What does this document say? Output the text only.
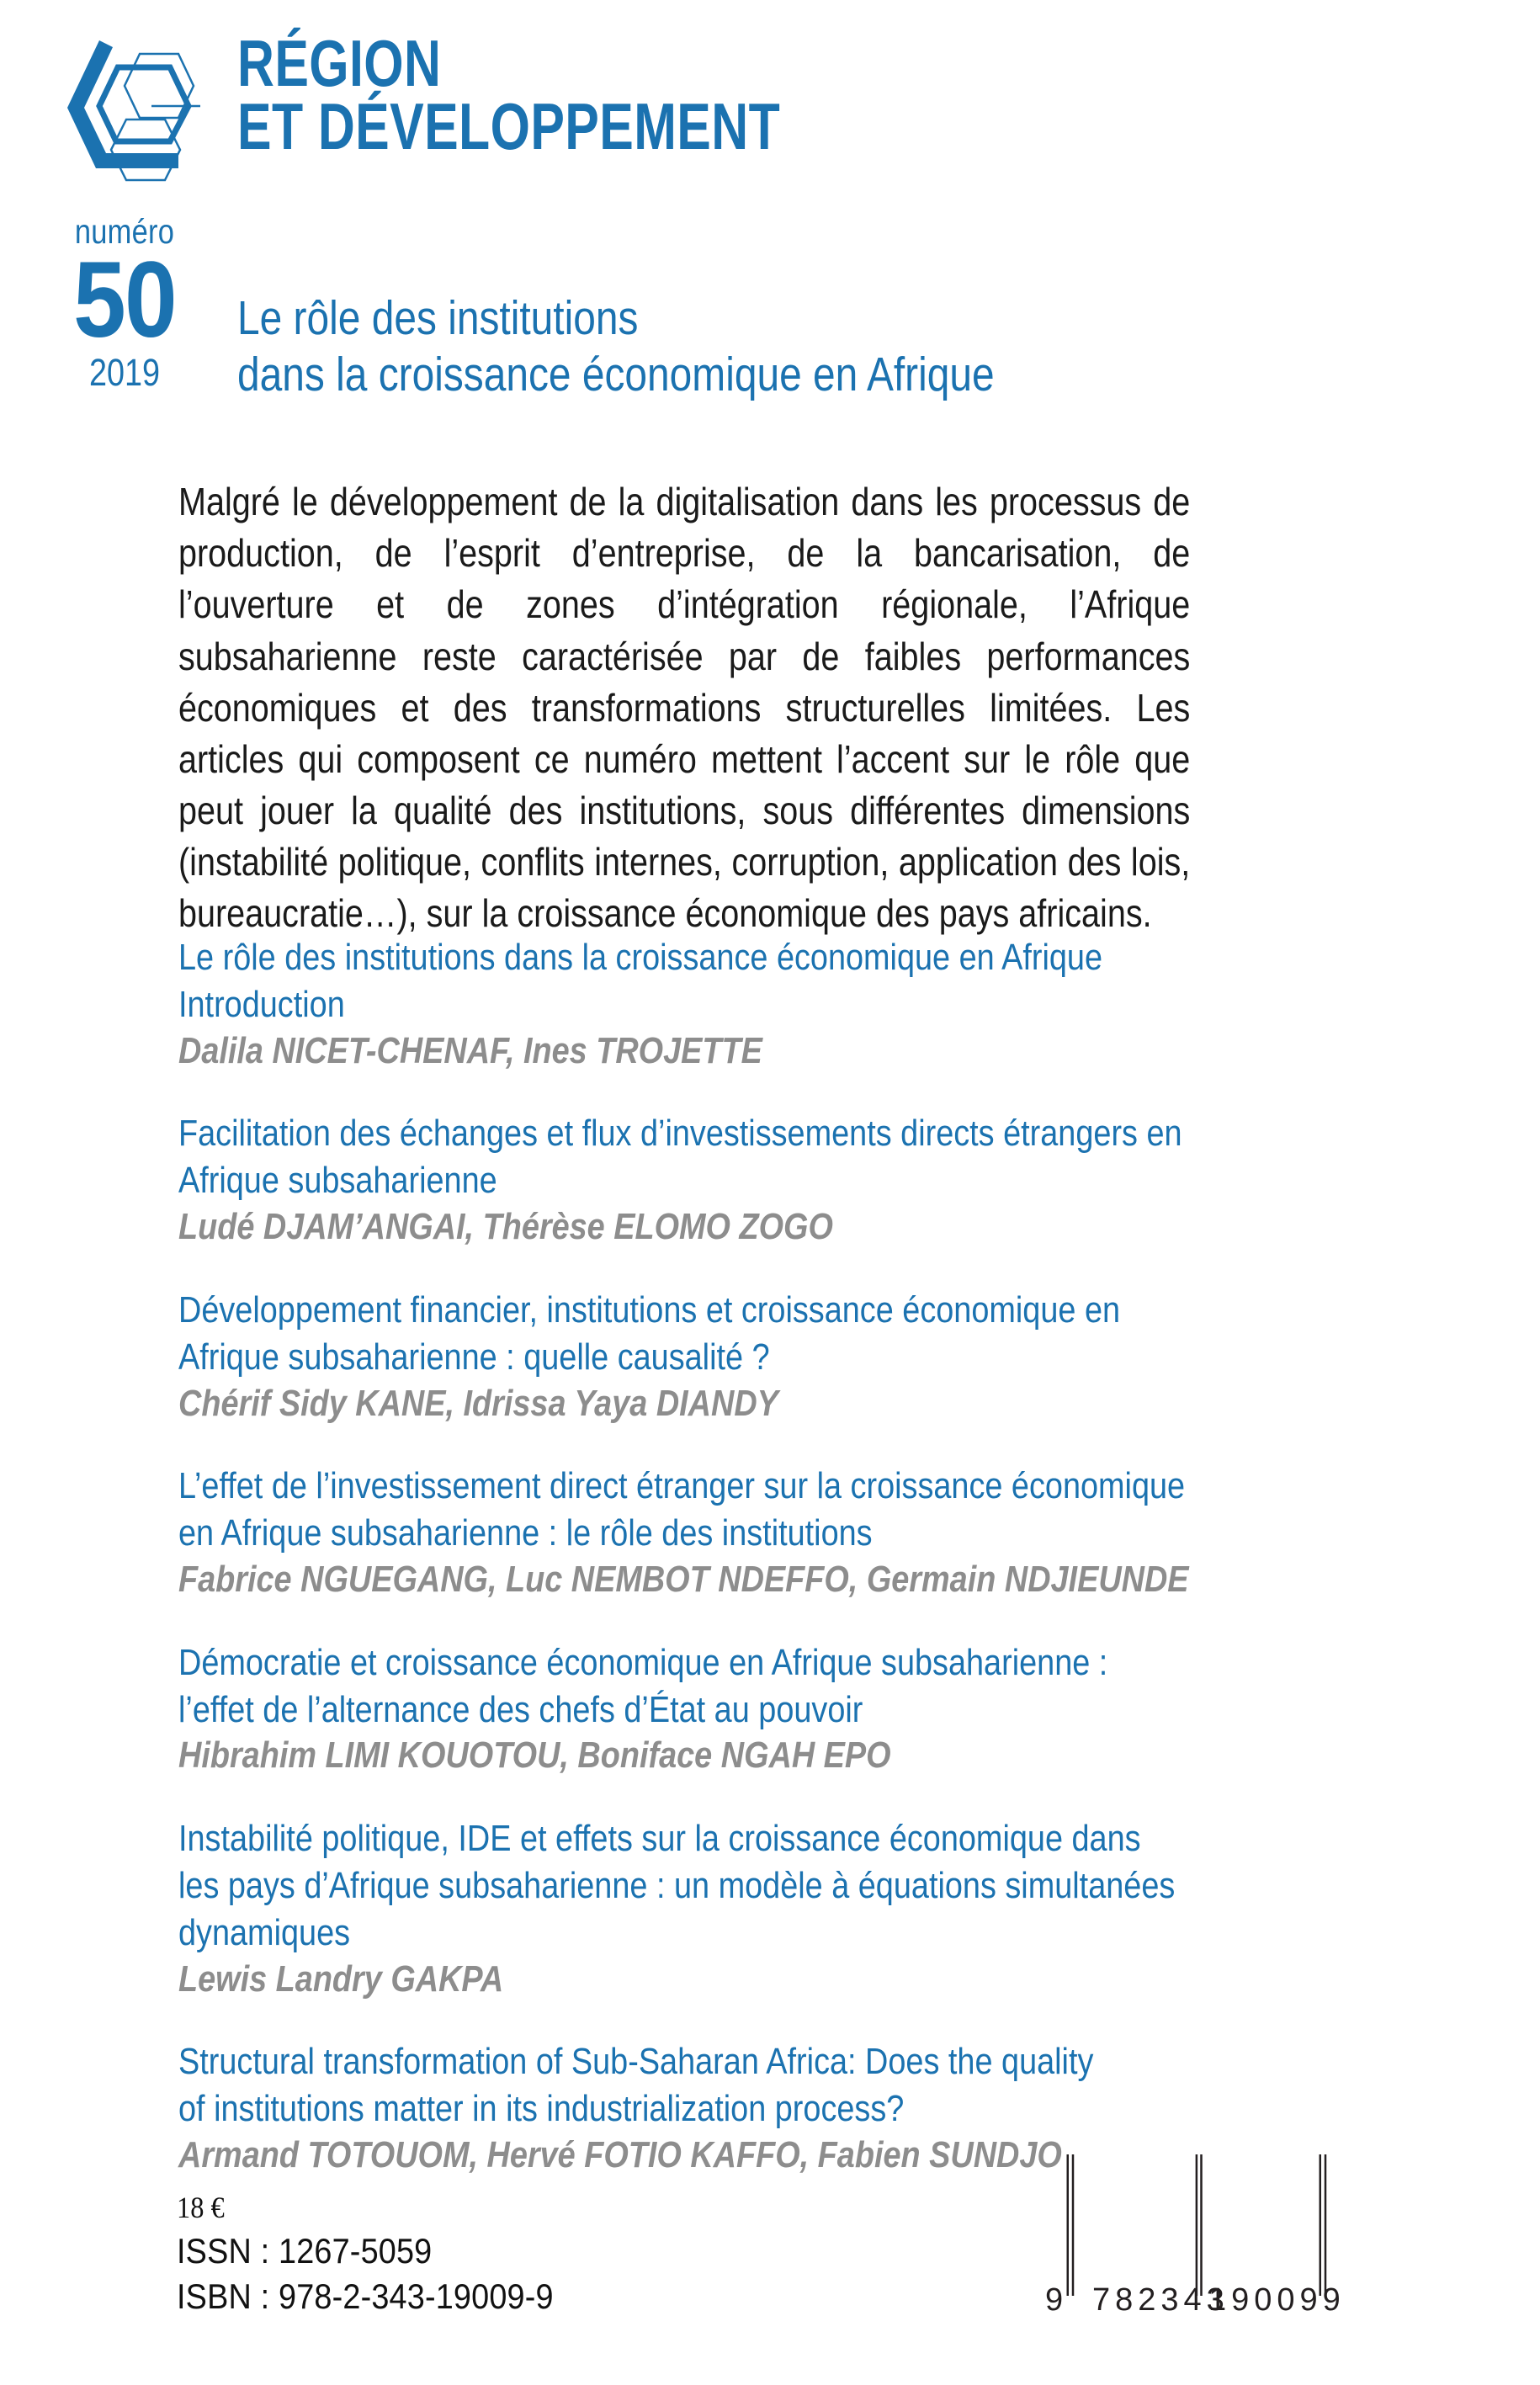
RÉGION
ET DÉVELOPPEMENT
numéro
50
2019
Le rôle des institutions
dans la croissance économique en Afrique

Malgré le développement de la digitalisation dans les processus de production, de l’esprit d’entreprise, de la bancarisation, de l’ouverture et de zones d’intégration régionale, l’Afrique subsaharienne reste caractérisée par de faibles performances économiques et des transformations structurelles limitées. Les articles qui composent ce numéro mettent l’accent sur le rôle que peut jouer la qualité des institutions, sous différentes dimensions (instabilité politique, conflits internes, corruption, application des lois, bureaucratie…), sur la croissance économique des pays africains.

Le rôle des institutions dans la croissance économique en Afrique

Introduction

Dalila NICET-CHENAF, Ines TROJETTE

Facilitation des échanges et flux d’investissements directs étrangers en

Afrique subsaharienne

Ludé DJAM’ANGAI, Thérèse ELOMO ZOGO

Développement financier, institutions et croissance économique en

Afrique subsaharienne : quelle causalité ?

Chérif Sidy KANE, Idrissa Yaya DIANDY

L’effet de l’investissement direct étranger sur la croissance économique

en Afrique subsaharienne : le rôle des institutions

Fabrice NGUEGANG, Luc NEMBOT NDEFFO, Germain NDJIEUNDE

Démocratie et croissance économique en Afrique subsaharienne :

l’effet de l’alternance des chefs d’État au pouvoir

Hibrahim LIMI KOUOTOU, Boniface NGAH EPO

Instabilité politique, IDE et effets sur la croissance économique dans

les pays d’Afrique subsaharienne : un modèle à équations simultanées

dynamiques

Lewis Landry GAKPA

Structural transformation of Sub-Saharan Africa: Does the quality

of institutions matter in its industrialization process?

Armand TOTOUOM, Hervé FOTIO KAFFO, Fabien SUNDJO

18 €
ISSN : 1267-5059
ISBN : 978-2-343-19009-9	9 782343
190099
